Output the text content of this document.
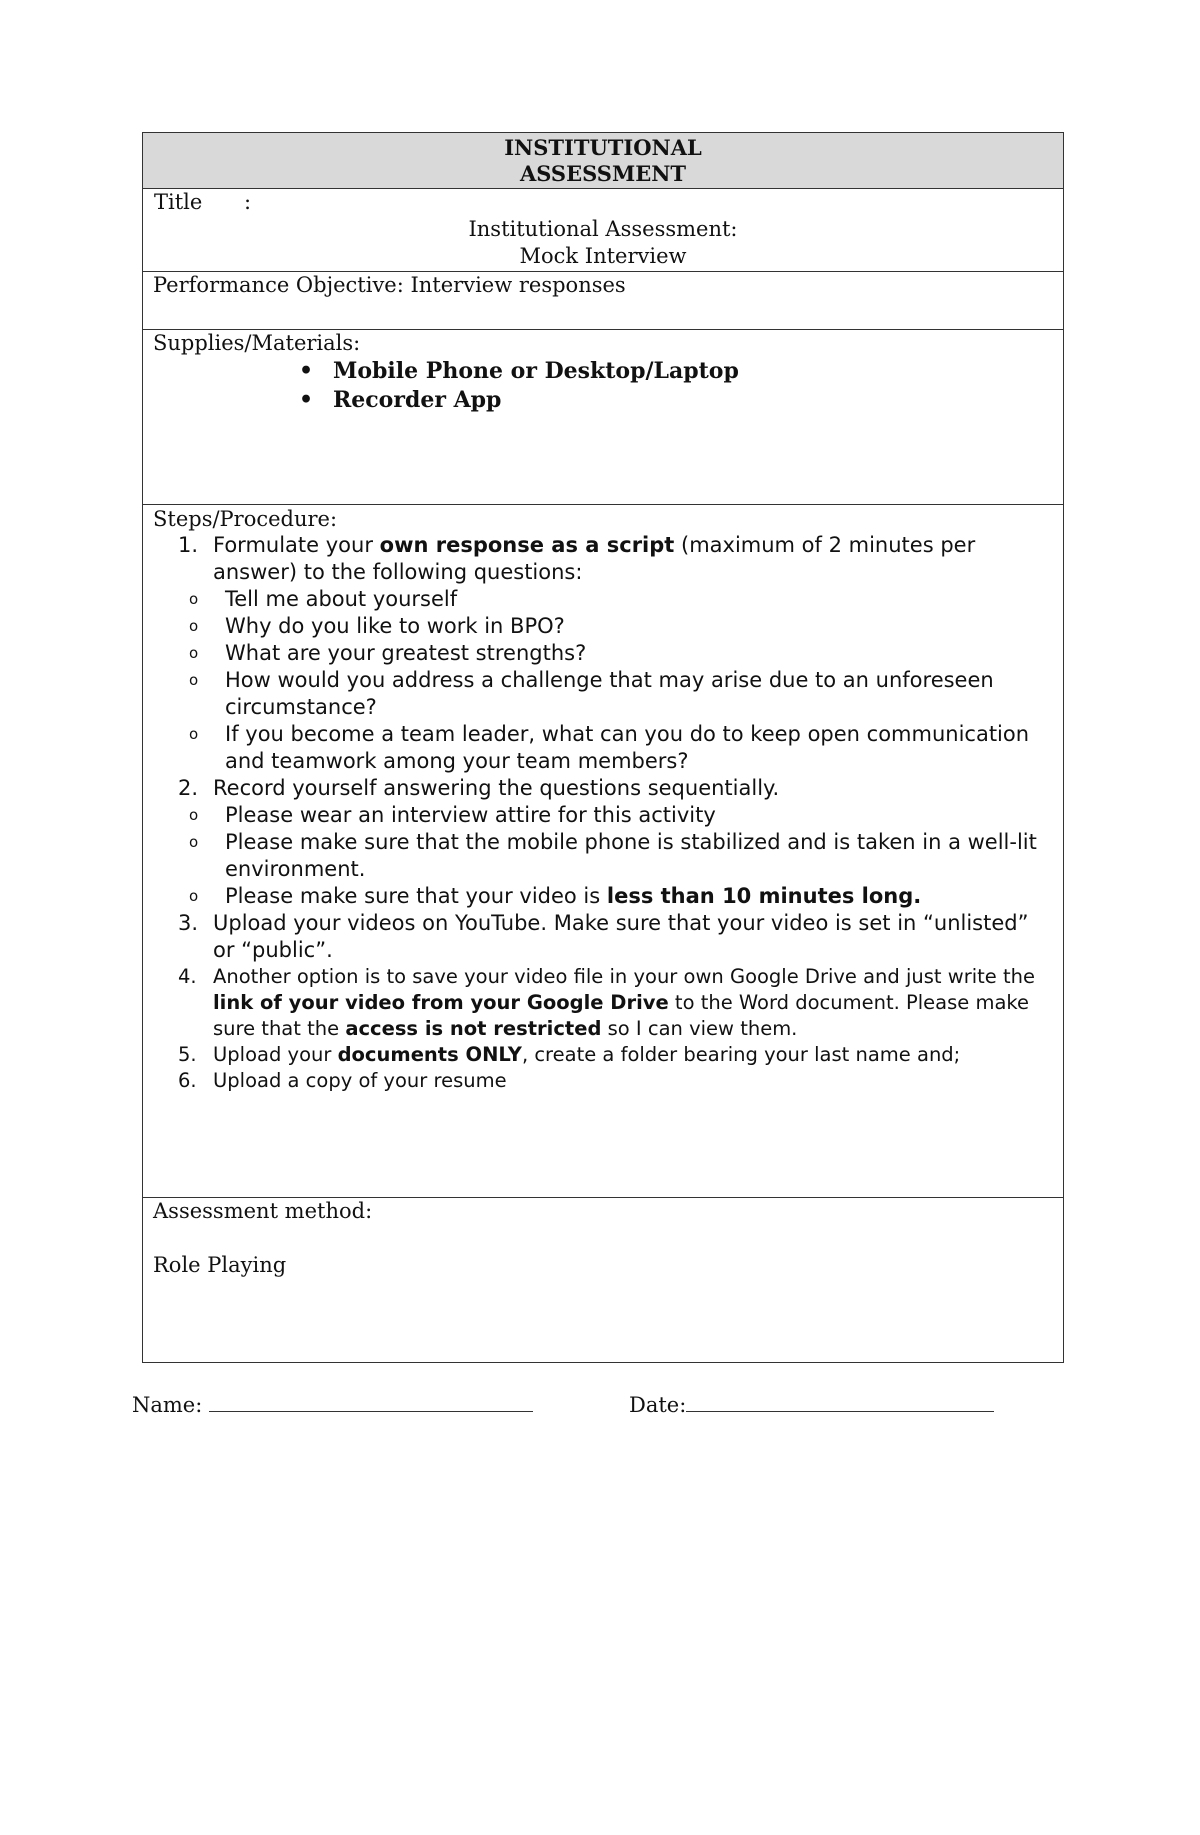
INSTITUTIONAL
ASSESSMENT

Title :
Institutional Assessment:
Mock Interview

Performance Objective: Interview responses

Supplies/Materials:
• Mobile Phone or Desktop/Laptop
• Recorder App

Steps/Procedure:
1. Formulate your own response as a script (maximum of 2 minutes per answer) to the following questions:
o Tell me about yourself
o Why do you like to work in BPO?
o What are your greatest strengths?
o How would you address a challenge that may arise due to an unforeseen circumstance?
o If you become a team leader, what can you do to keep open communication and teamwork among your team members?
2. Record yourself answering the questions sequentially.
o Please wear an interview attire for this activity
o Please make sure that the mobile phone is stabilized and is taken in a well-lit environment.
o Please make sure that your video is less than 10 minutes long.
3. Upload your videos on YouTube. Make sure that your video is set in “unlisted” or “public”.
4. Another option is to save your video file in your own Google Drive and just write the link of your video from your Google Drive to the Word document. Please make sure that the access is not restricted so I can view them.
5. Upload your documents ONLY, create a folder bearing your last name and;
6. Upload a copy of your resume

Assessment method:
Role Playing
Name:	Date:
